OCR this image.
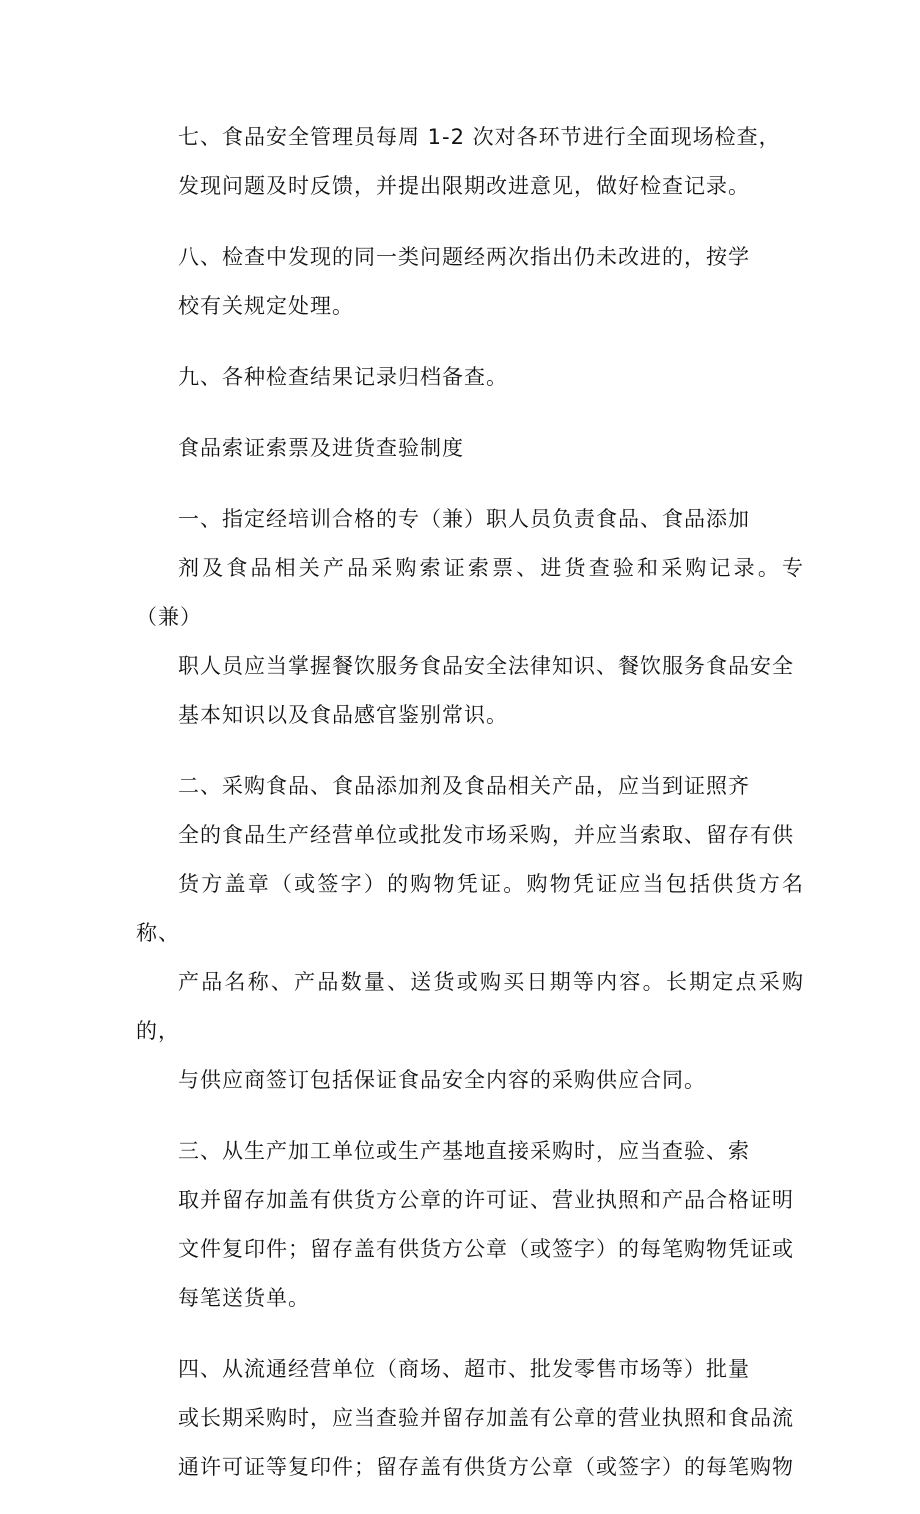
七、食品安全管理员每周 1-2 次对各环节进行全面现场检查，
发现问题及时反馈，并提出限期改进意见，做好检查记录。

八、检查中发现的同一类问题经两次指出仍未改进的，按学
校有关规定处理。

九、各种检查结果记录归档备查。

食品索证索票及进货查验制度

一、指定经培训合格的专（兼）职人员负责食品、食品添加
剂及食品相关产品采购索证索票、进货查验和采购记录。专（兼）
职人员应当掌握餐饮服务食品安全法律知识、餐饮服务食品安全
基本知识以及食品感官鉴别常识。

二、采购食品、食品添加剂及食品相关产品，应当到证照齐
全的食品生产经营单位或批发市场采购，并应当索取、留存有供
货方盖章（或签字）的购物凭证。购物凭证应当包括供货方名称、
产品名称、产品数量、送货或购买日期等内容。长期定点采购的，
与供应商签订包括保证食品安全内容的采购供应合同。

三、从生产加工单位或生产基地直接采购时，应当查验、索
取并留存加盖有供货方公章的许可证、营业执照和产品合格证明
文件复印件；留存盖有供货方公章（或签字）的每笔购物凭证或
每笔送货单。

四、从流通经营单位（商场、超市、批发零售市场等）批量
或长期采购时，应当查验并留存加盖有公章的营业执照和食品流
通许可证等复印件；留存盖有供货方公章（或签字）的每笔购物
